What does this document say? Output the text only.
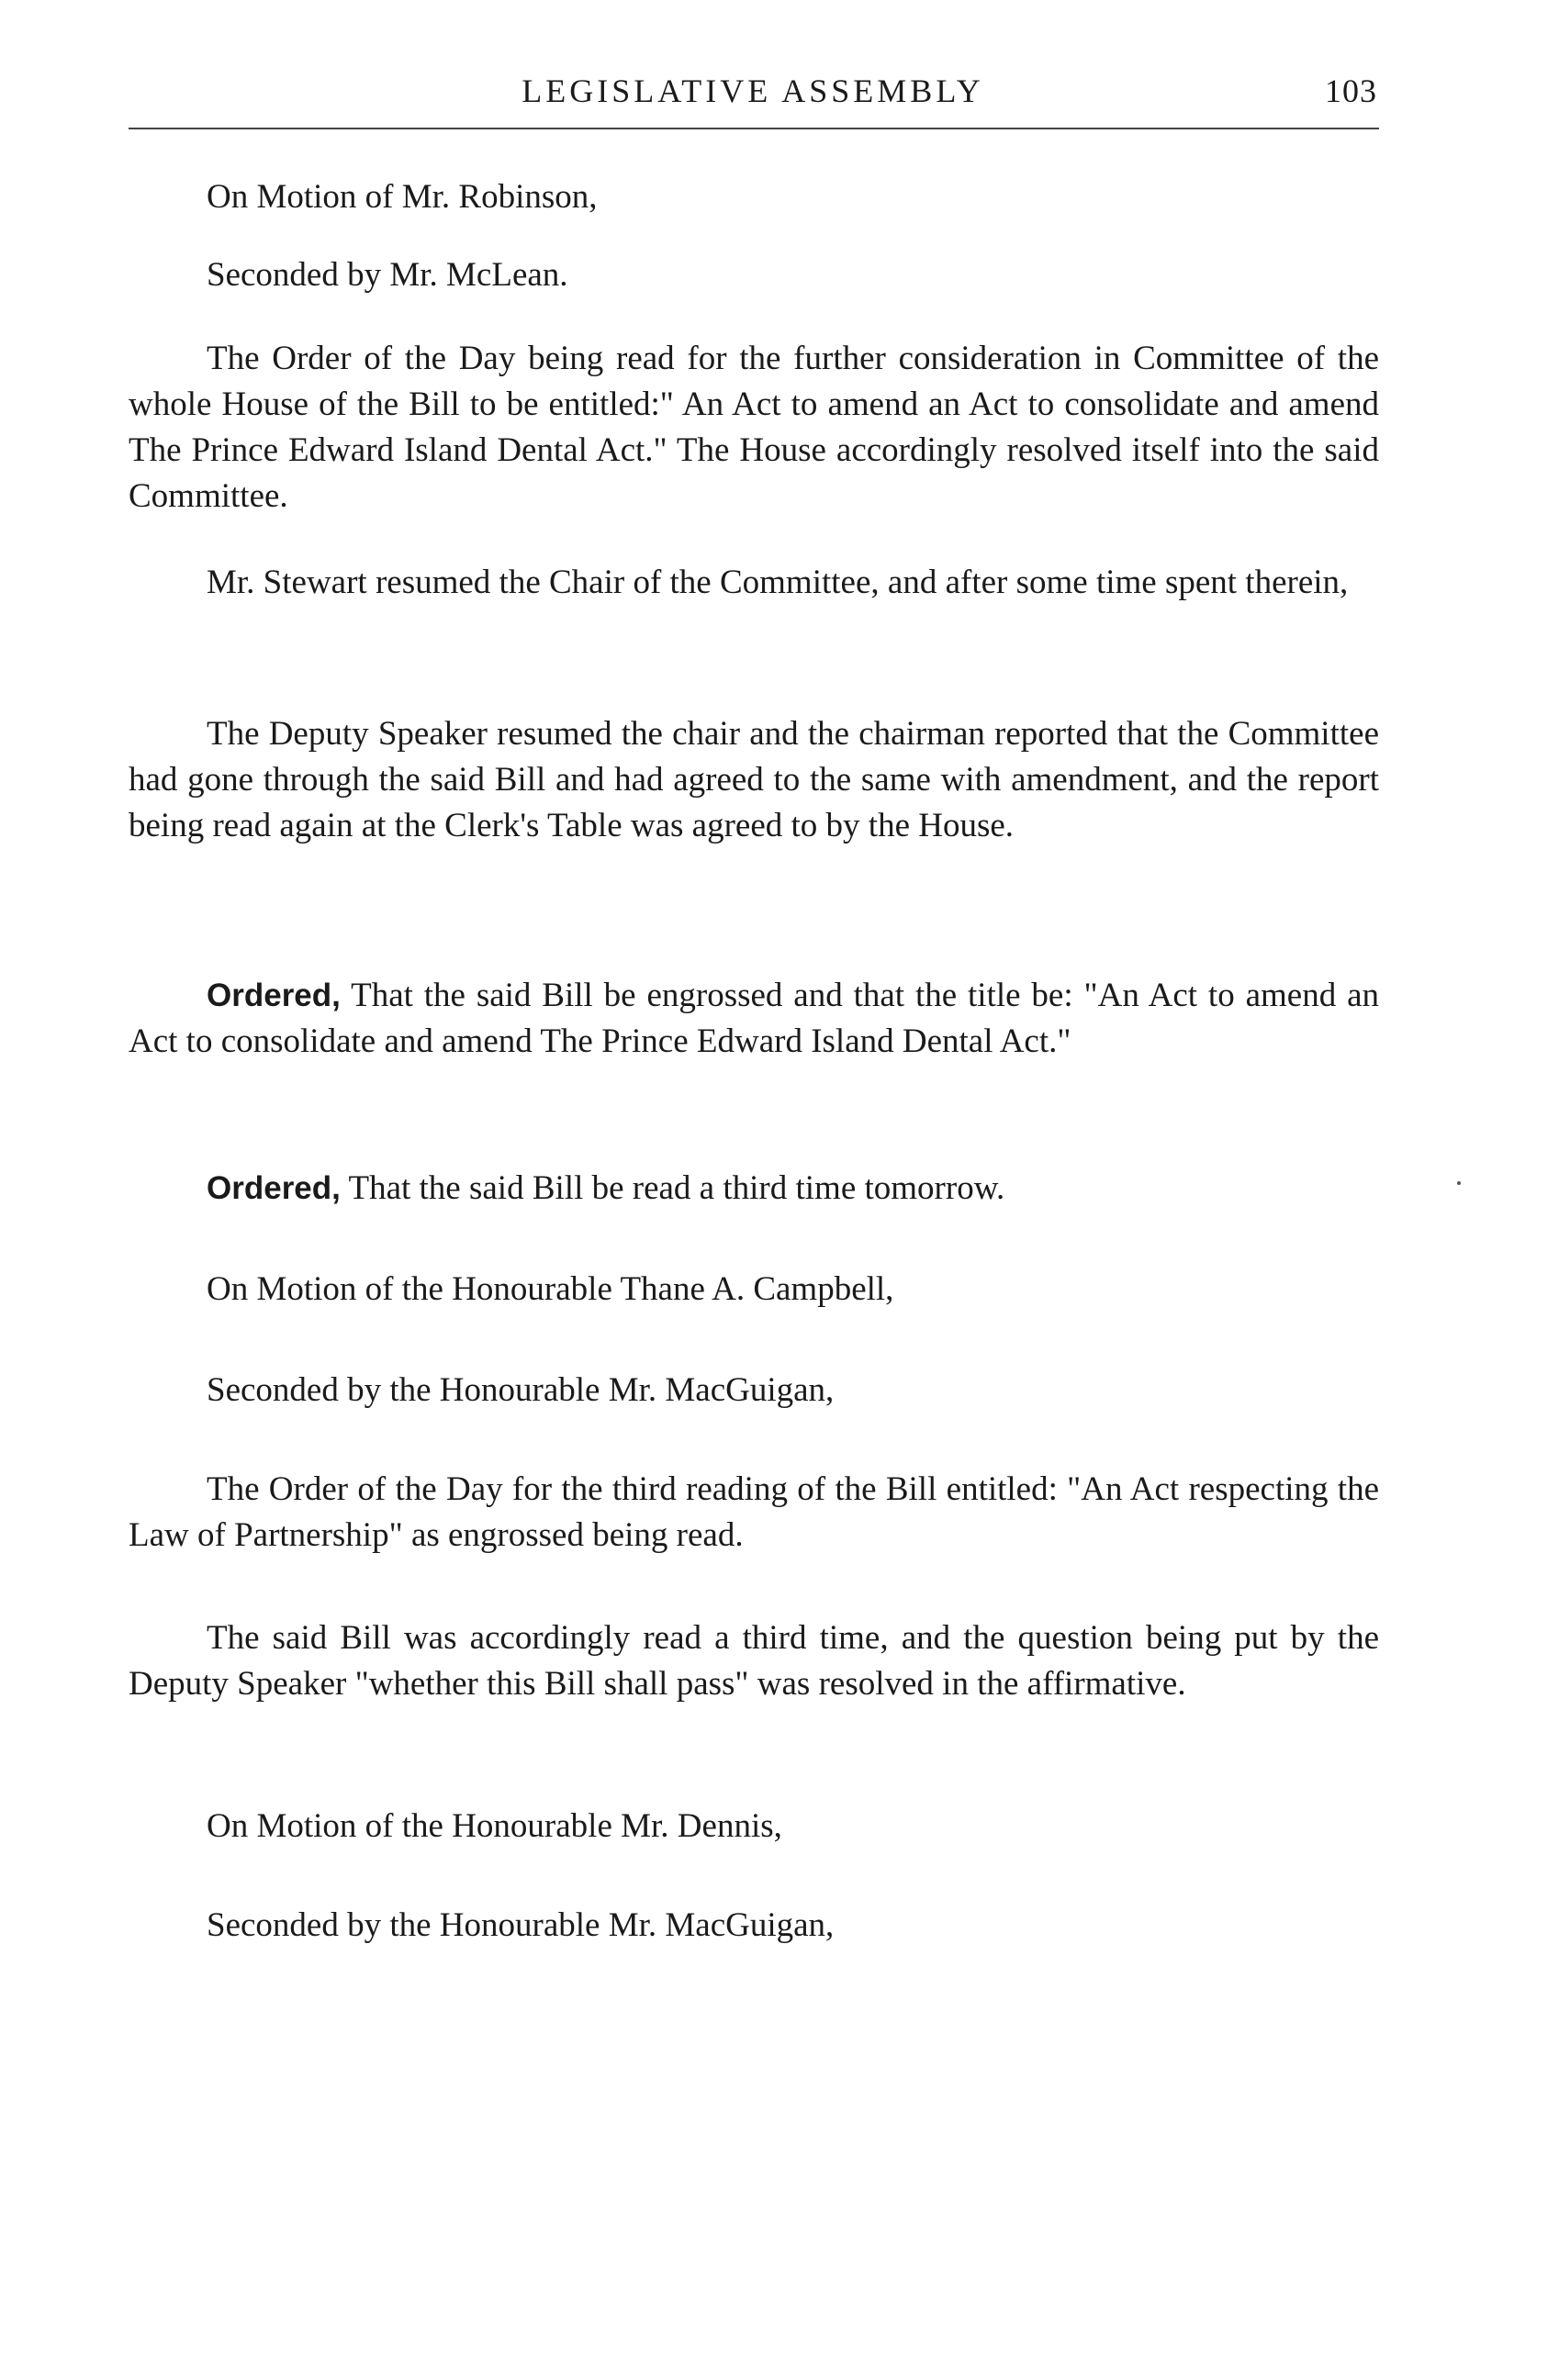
LEGISLATIVE ASSEMBLY	103

On Motion of Mr. Robinson,

Seconded by Mr. McLean.

The Order of the Day being read for the further consideration in Committee of the whole House of the Bill to be entitled:" An Act to amend an Act to consolidate and amend The Prince Edward Island Dental Act." The House accordingly resolved itself into the said Committee.

Mr. Stewart resumed the Chair of the Committee, and after some time spent therein,

The Deputy Speaker resumed the chair and the chairman reported that the Committee had gone through the said Bill and had agreed to the same with amendment, and the report being read again at the Clerk's Table was agreed to by the House.

Ordered, That the said Bill be engrossed and that the title be: "An Act to amend an Act to consolidate and amend The Prince Edward Island Dental Act."

Ordered, That the said Bill be read a third time tomorrow.

On Motion of the Honourable Thane A. Campbell,

Seconded by the Honourable Mr. MacGuigan,

The Order of the Day for the third reading of the Bill entitled: "An Act respecting the Law of Partnership" as engrossed being read.

The said Bill was accordingly read a third time, and the question being put by the Deputy Speaker "whether this Bill shall pass" was resolved in the affirmative.

On Motion of the Honourable Mr. Dennis,

Seconded by the Honourable Mr. MacGuigan,
